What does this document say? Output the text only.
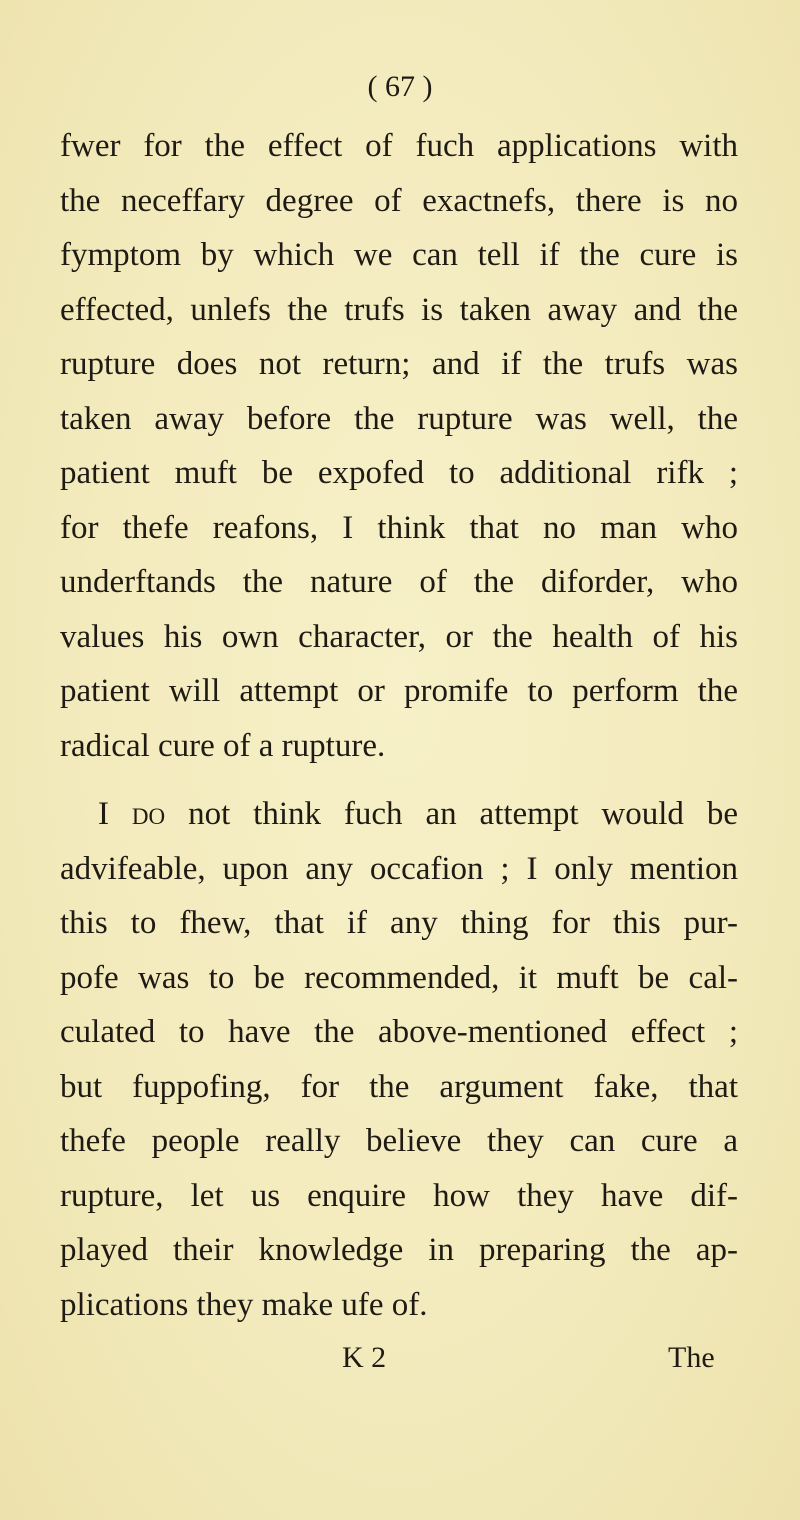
( 67 )
fwer for the effect of fuch applications with
the neceffary degree of exactnefs, there is no
fymptom by which we can tell if the cure is
effected, unlefs the trufs is taken away and the
rupture does not return; and if the trufs was
taken away before the rupture was well, the
patient muft be expofed to additional rifk ;
for thefe reafons, I think that no man who
underftands the nature of the diforder, who
values his own character, or the health of his
patient will attempt or promife to perform the
radical cure of a rupture.
I do not think fuch an attempt would be
advifeable, upon any occafion ; I only mention
this to fhew, that if any thing for this pur-
pofe was to be recommended, it muft be cal-
culated to have the above-mentioned effect ;
but fuppofing, for the argument fake, that
thefe people really believe they can cure a
rupture, let us enquire how they have dif-
played their knowledge in preparing the ap-
plications they make ufe of.
K 2	The
